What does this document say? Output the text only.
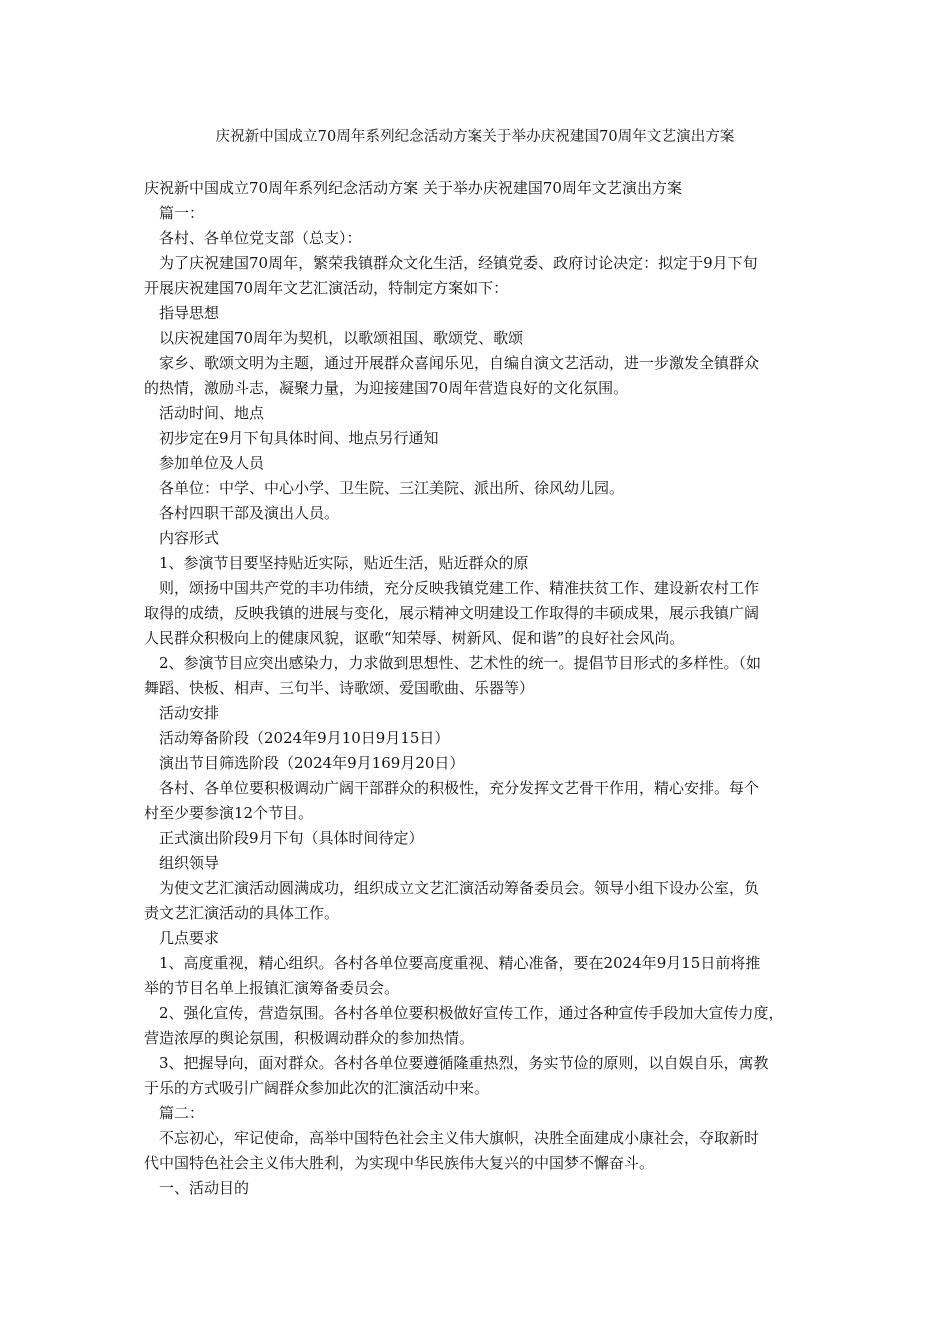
庆祝新中国成立70周年系列纪念活动方案关于举办庆祝建国70周年文艺演出方案
庆祝新中国成立70周年系列纪念活动方案 关于举办庆祝建国70周年文艺演出方案
篇一：
各村、各单位党支部（总支）：
为了庆祝建国70周年，繁荣我镇群众文化生活，经镇党委、政府讨论决定：拟定于9月下旬
开展庆祝建国70周年文艺汇演活动，特制定方案如下：
指导思想
以庆祝建国70周年为契机，以歌颂祖国、歌颂党、歌颂
家乡、歌颂文明为主题，通过开展群众喜闻乐见，自编自演文艺活动，进一步激发全镇群众
的热情，激励斗志，凝聚力量，为迎接建国70周年营造良好的文化氛围。
活动时间、地点
初步定在9月下旬具体时间、地点另行通知
参加单位及人员
各单位：中学、中心小学、卫生院、三江美院、派出所、徐风幼儿园。
各村四职干部及演出人员。
内容形式
1、参演节目要坚持贴近实际，贴近生活，贴近群众的原
则，颂扬中国共产党的丰功伟绩，充分反映我镇党建工作、精准扶贫工作、建设新农村工作
取得的成绩，反映我镇的进展与变化，展示精神文明建设工作取得的丰硕成果，展示我镇广阔
人民群众积极向上的健康风貌，讴歌“知荣辱、树新风、促和谐”的良好社会风尚。
2、参演节目应突出感染力，力求做到思想性、艺术性的统一。提倡节目形式的多样性。（如
舞蹈、快板、相声、三句半、诗歌颂、爱国歌曲、乐器等）
活动安排
活动筹备阶段（2024年9月10日9月15日）
演出节目筛选阶段（2024年9月169月20日）
各村、各单位要积极调动广阔干部群众的积极性，充分发挥文艺骨干作用，精心安排。每个
村至少要参演12个节目。
正式演出阶段9月下旬（具体时间待定）
组织领导
为使文艺汇演活动圆满成功，组织成立文艺汇演活动筹备委员会。领导小组下设办公室，负
责文艺汇演活动的具体工作。
几点要求
1、高度重视，精心组织。各村各单位要高度重视、精心准备，要在2024年9月15日前将推
举的节目名单上报镇汇演筹备委员会。
2、强化宣传，营造氛围。各村各单位要积极做好宣传工作，通过各种宣传手段加大宣传力度，
营造浓厚的舆论氛围，积极调动群众的参加热情。
3、把握导向，面对群众。各村各单位要遵循隆重热烈，务实节俭的原则，以自娱自乐，寓教
于乐的方式吸引广阔群众参加此次的汇演活动中来。
篇二：
不忘初心，牢记使命，高举中国特色社会主义伟大旗帜，决胜全面建成小康社会，夺取新时
代中国特色社会主义伟大胜利，为实现中华民族伟大复兴的中国梦不懈奋斗。
一、活动目的
